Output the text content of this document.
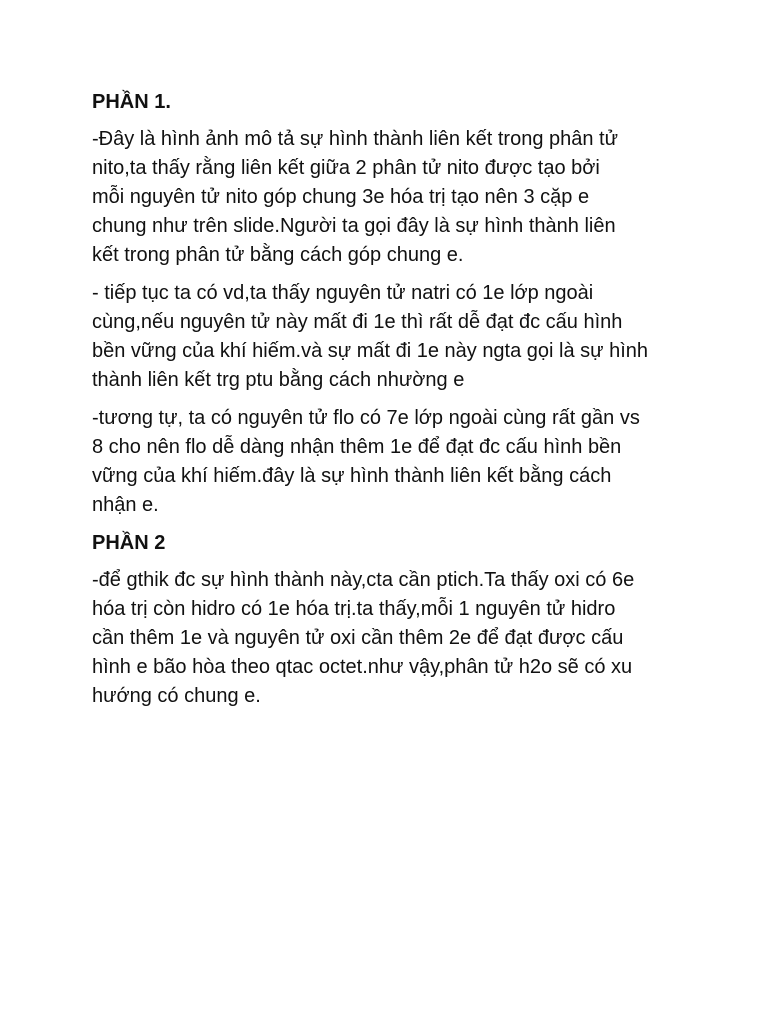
PHẦN 1.

-Đây là hình ảnh mô tả sự hình thành liên kết trong phân tử
nito,ta thấy rằng liên kết giữa 2 phân tử nito được tạo bởi
mỗi nguyên tử nito góp chung 3e hóa trị tạo nên 3 cặp e
chung như trên slide.Người ta gọi đây là sự hình thành liên
kết trong phân tử bằng cách góp chung e.

- tiếp tục ta có vd,ta thấy nguyên tử natri có 1e lớp ngoài
cùng,nếu nguyên tử này mất đi 1e thì rất dễ đạt đc cấu hình
bền vững của khí hiếm.và sự mất đi 1e này ngta gọi là sự hình
thành liên kết trg ptu bằng cách nhường e

-tương tự, ta có nguyên tử flo có 7e lớp ngoài cùng rất gần vs
8 cho nên flo dễ dàng nhận thêm 1e để đạt đc cấu hình bền
vững của khí hiếm.đây là sự hình thành liên kết bằng cách
nhận e.

PHẦN 2

-để gthik đc sự hình thành này,cta cần ptich.Ta thấy oxi có 6e
hóa trị còn hidro có 1e hóa trị.ta thấy,mỗi 1 nguyên tử hidro
cần thêm 1e và nguyên tử oxi cần thêm 2e để đạt được cấu
hình e bão hòa theo qtac octet.như vậy,phân tử h2o sẽ có xu
hướng có chung e.
